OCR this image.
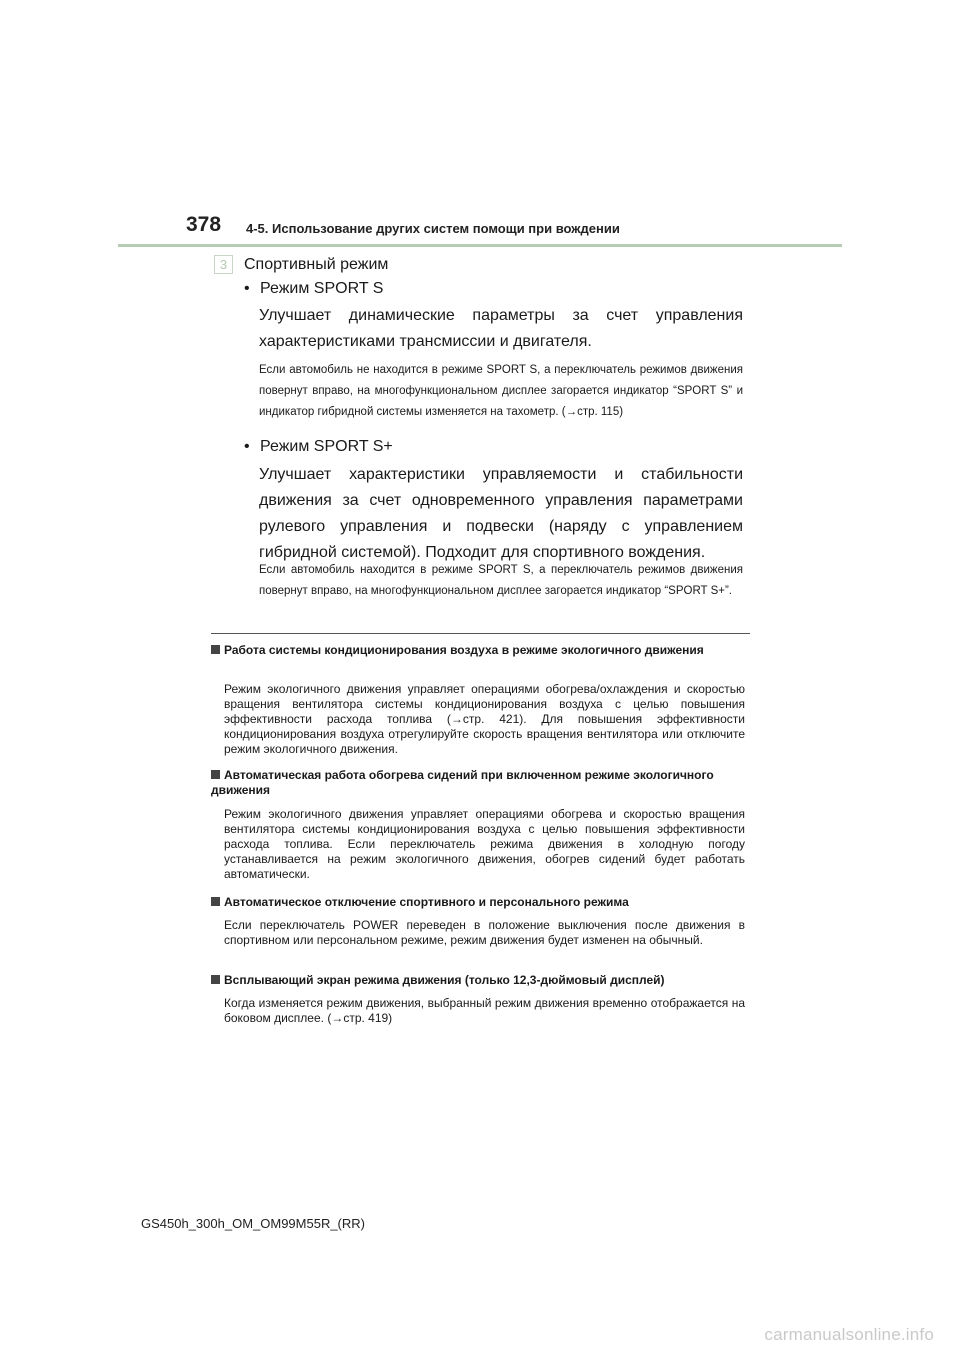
378 4-5. Использование других систем помощи при вождении
3	Спортивный режим
• Режим SPORT S
Улучшает динамические параметры за счет управления характеристиками трансмиссии и двигателя.
Если автомобиль не находится в режиме SPORT S, а переключатель режимов движения повернут вправо, на многофункциональном дисплее загорается индикатор “SPORT S” и индикатор гибридной системы изменяется на тахометр. (→стр. 115)
• Режим SPORT S+
Улучшает характеристики управляемости и стабильности движения за счет одновременного управления параметрами рулевого управления и подвески (наряду с управлением гибридной системой). Подходит для спортивного вождения.
Если автомобиль находится в режиме SPORT S, а переключатель режимов движения повернут вправо, на многофункциональном дисплее загорается индикатор “SPORT S+”.
Работа системы кондиционирования воздуха в режиме экологичного движения
Режим экологичного движения управляет операциями обогрева/охлаждения и скоростью вращения вентилятора системы кондиционирования воздуха с целью повышения эффективности расхода топлива (→стр. 421). Для повышения эффективности кондиционирования воздуха отрегулируйте скорость вращения вентилятора или отключите режим экологичного движения.
Автоматическая работа обогрева сидений при включенном режиме экологичного движения
Режим экологичного движения управляет операциями обогрева и скоростью вращения вентилятора системы кондиционирования воздуха с целью повышения эффективности расхода топлива. Если переключатель режима движения в холодную погоду устанавливается на режим экологичного движения, обогрев сидений будет работать автоматически.
Автоматическое отключение спортивного и персонального режима
Если переключатель POWER переведен в положение выключения после движения в спортивном или персональном режиме, режим движения будет изменен на обычный.
Всплывающий экран режима движения (только 12,3-дюймовый дисплей)
Когда изменяется режим движения, выбранный режим движения временно отображается на боковом дисплее. (→стр. 419)
GS450h_300h_OM_OM99M55R_(RR)
carmanualsonline.info
